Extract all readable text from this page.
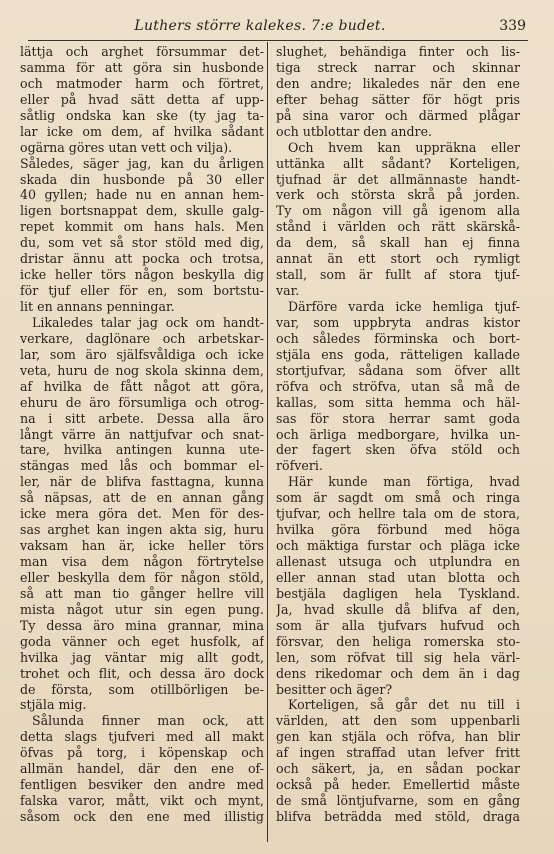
Luthers större kalekes. 7:e budet.	339
lättja och arghet försummar det-
samma för att göra sin husbonde
och matmoder harm och förtret,
eller på hvad sätt detta af upp-
såtlig ondska kan ske (ty jag ta-
lar icke om dem, af hvilka sådant
ogärna göres utan vett och vilja).
Således, säger jag, kan du årligen
skada din husbonde på 30 eller
40 gyllen; hade nu en annan hem-
ligen bortsnappat dem, skulle galg-
repet kommit om hans hals. Men
du, som vet så stor stöld med dig,
dristar ännu att pocka och trotsa,
icke heller törs någon beskylla dig
för tjuf eller för en, som bortstu-
lit en annans penningar.
Likaledes talar jag ock om handt-
verkare, daglönare och arbetskar-
lar, som äro själfsvåldiga och icke
veta, huru de nog skola skinna dem,
af hvilka de fått något att göra,
ehuru de äro försumliga och otrog-
na i sitt arbete. Dessa alla äro
långt värre än nattjufvar och snat-
tare, hvilka antingen kunna ute-
stängas med lås och bommar el-
ler, när de blifva fasttagna, kunna
så näpsas, att de en annan gång
icke mera göra det. Men för des-
sas arghet kan ingen akta sig, huru
vaksam han är, icke heller törs
man visa dem någon förtrytelse
eller beskylla dem för någon stöld,
så att man tio gånger hellre vill
mista något utur sin egen pung.
Ty dessa äro mina grannar, mina
goda vänner och eget husfolk, af
hvilka jag väntar mig allt godt,
trohet och flit, och dessa äro dock
de första, som otillbörligen be-
stjäla mig.
Sålunda finner man ock, att
detta slags tjufveri med all makt
öfvas på torg, i köpenskap och
allmän handel, där den ene of-
fentligen besviker den andre med
falska varor, mått, vikt och mynt,
såsom ock den ene med illistig
slughet, behändiga finter och lis-
tiga streck narrar och skinnar
den andre; likaledes när den ene
efter behag sätter för högt pris
på sina varor och därmed plågar
och utblottar den andre.
Och hvem kan uppräkna eller
uttänka allt sådant? Korteligen,
tjufnad är det allmännaste handt-
verk och största skrå på jorden.
Ty om någon vill gå igenom alla
stånd i världen och rätt skärskå-
da dem, så skall han ej finna
annat än ett stort och rymligt
stall, som är fullt af stora tjuf-
var.
Därföre varda icke hemliga tjuf-
var, som uppbryta andras kistor
och således förminska och bort-
stjäla ens goda, rätteligen kallade
stortjufvar, sådana som öfver allt
röfva och ströfva, utan så må de
kallas, som sitta hemma och häl-
sas för stora herrar samt goda
och ärliga medborgare, hvilka un-
der fagert sken öfva stöld och
röfveri.
Här kunde man förtiga, hvad
som är sagdt om små och ringa
tjufvar, och hellre tala om de stora,
hvilka göra förbund med höga
och mäktiga furstar och pläga icke
allenast utsuga och utplundra en
eller annan stad utan blotta och
bestjäla dagligen hela Tyskland.
Ja, hvad skulle då blifva af den,
som är alla tjufvars hufvud och
försvar, den heliga romerska sto-
len, som röfvat till sig hela värl-
dens rikedomar och dem än i dag
besitter och äger?
Korteligen, så går det nu till i
världen, att den som uppenbarli
gen kan stjäla och röfva, han blir
af ingen straffad utan lefver fritt
och säkert, ja, en sådan pockar
också på heder. Emellertid måste
de små löntjufvarne, som en gång
blifva beträdda med stöld, draga
